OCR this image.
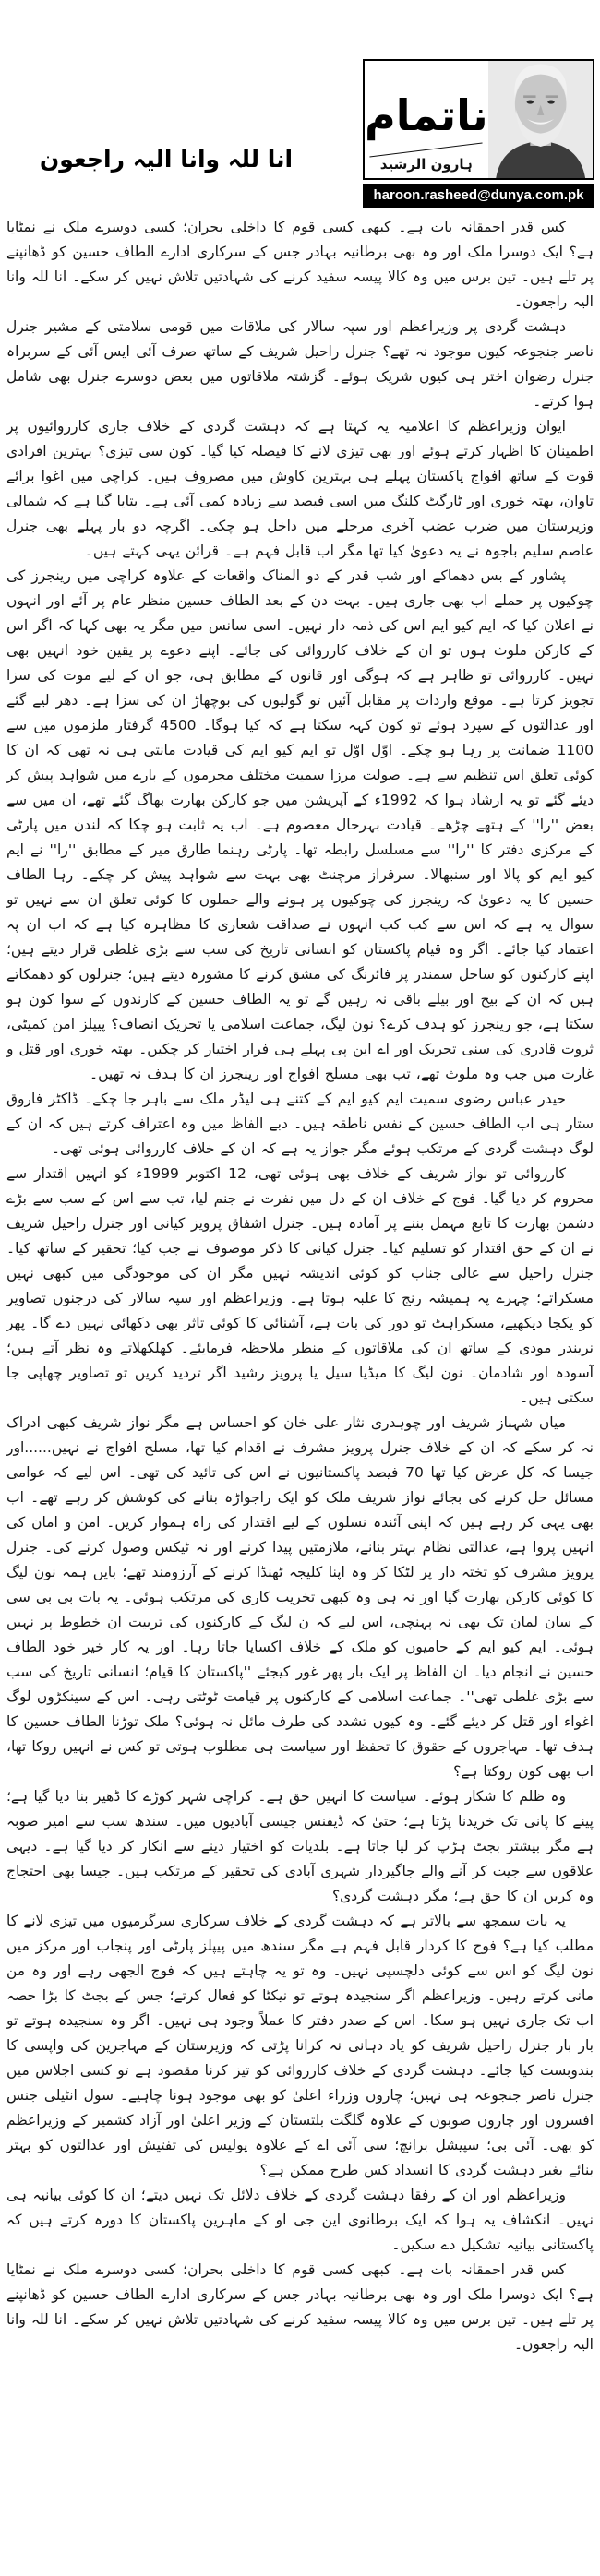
ناتمام
ہارون الرشید
haroon.rasheed@dunya.com.pk
انا للہ وانا الیہ راجعون

کس قدر احمقانہ بات ہے۔ کبھی کسی قوم کا داخلی بحران؛ کسی دوسرے ملک نے نمٹایا ہے؟ ایک دوسرا ملک اور وہ بھی برطانیہ بہادر جس کے سرکاری ادارے الطاف حسین کو ڈھانپنے پر تلے ہیں۔ تین برس میں وہ کالا پیسہ سفید کرنے کی شہادتیں تلاش نہیں کر سکے۔ انا للہ وانا الیہ راجعون۔

دہشت گردی پر وزیراعظم اور سپہ سالار کی ملاقات میں قومی سلامتی کے مشیر جنرل ناصر جنجوعہ کیوں موجود نہ تھے؟ جنرل راحیل شریف کے ساتھ صرف آئی ایس آئی کے سربراہ جنرل رضوان اختر ہی کیوں شریک ہوئے۔ گزشتہ ملاقاتوں میں بعض دوسرے جنرل بھی شامل ہوا کرتے۔

ایوان وزیراعظم کا اعلامیہ یہ کہتا ہے کہ دہشت گردی کے خلاف جاری کارروائیوں پر اطمینان کا اظہار کرتے ہوئے اور بھی تیزی لانے کا فیصلہ کیا گیا۔ کون سی تیزی؟ بہترین افرادی قوت کے ساتھ افواج پاکستان پہلے ہی بہترین کاوش میں مصروف ہیں۔ کراچی میں اغوا برائے تاوان، بھتہ خوری اور ٹارگٹ کلنگ میں اسی فیصد سے زیادہ کمی آئی ہے۔ بتایا گیا ہے کہ شمالی وزیرستان میں ضرب عضب آخری مرحلے میں داخل ہو چکی۔ اگرچہ دو بار پہلے بھی جنرل عاصم سلیم باجوہ نے یہ دعویٰ کیا تھا مگر اب قابل فہم ہے۔ قرائن یہی کہتے ہیں۔

پشاور کے بس دھماکے اور شب قدر کے دو المناک واقعات کے علاوہ کراچی میں رینجرز کی چوکیوں پر حملے اب بھی جاری ہیں۔ بہت دن کے بعد الطاف حسین منظر عام پر آئے اور انہوں نے اعلان کیا کہ ایم کیو ایم اس کی ذمہ دار نہیں۔ اسی سانس میں مگر یہ بھی کہا کہ اگر اس کے کارکن ملوث ہوں تو ان کے خلاف کارروائی کی جائے۔ اپنے دعوے پر یقین خود انہیں بھی نہیں۔ کارروائی تو ظاہر ہے کہ ہوگی اور قانون کے مطابق ہی، جو ان کے لیے موت کی سزا تجویز کرتا ہے۔ موقع واردات پر مقابل آئیں تو گولیوں کی بوچھاڑ ان کی سزا ہے۔ دھر لیے گئے اور عدالتوں کے سپرد ہوئے تو کون کہہ سکتا ہے کہ کیا ہوگا۔ 4500 گرفتار ملزموں میں سے 1100 ضمانت پر رہا ہو چکے۔ اوّل اوّل تو ایم کیو ایم کی قیادت مانتی ہی نہ تھی کہ ان کا کوئی تعلق اس تنظیم سے ہے۔ صولت مرزا سمیت مختلف مجرموں کے بارے میں شواہد پیش کر دیئے گئے تو یہ ارشاد ہوا کہ 1992ء کے آپریشن میں جو کارکن بھارت بھاگ گئے تھے، ان میں سے بعض ''را'' کے ہتھے چڑھے۔ قیادت بہرحال معصوم ہے۔ اب یہ ثابت ہو چکا کہ لندن میں پارٹی کے مرکزی دفتر کا ''را'' سے مسلسل رابطہ تھا۔ پارٹی رہنما طارق میر کے مطابق ''را'' نے ایم کیو ایم کو پالا اور سنبھالا۔ سرفراز مرچنٹ بھی بہت سے شواہد پیش کر چکے۔ رہا الطاف حسین کا یہ دعویٰ کہ رینجرز کی چوکیوں پر ہونے والے حملوں کا کوئی تعلق ان سے نہیں تو سوال یہ ہے کہ اس سے کب کب انہوں نے صداقت شعاری کا مظاہرہ کیا ہے کہ اب ان پہ اعتماد کیا جائے۔ اگر وہ قیام پاکستان کو انسانی تاریخ کی سب سے بڑی غلطی قرار دیتے ہیں؛ اپنے کارکنوں کو ساحل سمندر پر فائرنگ کی مشق کرنے کا مشورہ دیتے ہیں؛ جنرلوں کو دھمکاتے ہیں کہ ان کے بیج اور بیلے باقی نہ رہیں گے تو یہ الطاف حسین کے کارندوں کے سوا کون ہو سکتا ہے، جو رینجرز کو ہدف کرے؟ نون لیگ، جماعت اسلامی یا تحریک انصاف؟ پیپلز امن کمیٹی، ثروت قادری کی سنی تحریک اور اے این پی پہلے ہی فرار اختیار کر چکیں۔ بھتہ خوری اور قتل و غارت میں جب وہ ملوث تھے، تب بھی مسلح افواج اور رینجرز ان کا ہدف نہ تھیں۔

حیدر عباس رضوی سمیت ایم کیو ایم کے کتنے ہی لیڈر ملک سے باہر جا چکے۔ ڈاکٹر فاروق ستار ہی اب الطاف حسین کے نفس ناطقہ ہیں۔ دبے الفاظ میں وہ اعتراف کرتے ہیں کہ ان کے لوگ دہشت گردی کے مرتکب ہوئے مگر جواز یہ ہے کہ ان کے خلاف کارروائی ہوئی تھی۔

کارروائی تو نواز شریف کے خلاف بھی ہوئی تھی، 12 اکتوبر 1999ء کو انہیں اقتدار سے محروم کر دیا گیا۔ فوج کے خلاف ان کے دل میں نفرت نے جنم لیا، تب سے اس کے سب سے بڑے دشمن بھارت کا تابع مہمل بننے پر آمادہ ہیں۔ جنرل اشفاق پرویز کیانی اور جنرل راحیل شریف نے ان کے حق اقتدار کو تسلیم کیا۔ جنرل کیانی کا ذکر موصوف نے جب کیا؛ تحقیر کے ساتھ کیا۔ جنرل راحیل سے عالی جناب کو کوئی اندیشہ نہیں مگر ان کی موجودگی میں کبھی نہیں مسکراتے؛ چہرے پہ ہمیشہ رنج کا غلبہ ہوتا ہے۔ وزیراعظم اور سپہ سالار کی درجنوں تصاویر کو یکجا دیکھیے، مسکراہٹ تو دور کی بات ہے، آشنائی کا کوئی تاثر بھی دکھائی نہیں دے گا۔ پھر نریندر مودی کے ساتھ ان کی ملاقاتوں کے منظر ملاحظہ فرمایئے۔ کھلکھلاتے وہ نظر آتے ہیں؛ آسودہ اور شادمان۔ نون لیگ کا میڈیا سیل یا پرویز رشید اگر تردید کریں تو تصاویر چھاپی جا سکتی ہیں۔

میاں شہباز شریف اور چوہدری نثار علی خان کو احساس ہے مگر نواز شریف کبھی ادراک نہ کر سکے کہ ان کے خلاف جنرل پرویز مشرف نے اقدام کیا تھا، مسلح افواج نے نہیں......اور جیسا کہ کل عرض کیا تھا 70 فیصد پاکستانیوں نے اس کی تائید کی تھی۔ اس لیے کہ عوامی مسائل حل کرنے کی بجائے نواز شریف ملک کو ایک راجواڑہ بنانے کی کوشش کر رہے تھے۔ اب بھی یہی کر رہے ہیں کہ اپنی آئندہ نسلوں کے لیے اقتدار کی راہ ہموار کریں۔ امن و امان کی انہیں پروا ہے، عدالتی نظام بہتر بنانے، ملازمتیں پیدا کرنے اور نہ ٹیکس وصول کرنے کی۔ جنرل پرویز مشرف کو تختہ دار پر لٹکا کر وہ اپنا کلیجہ ٹھنڈا کرنے کے آرزومند تھے؛ بایں ہمہ نون لیگ کا کوئی کارکن بھارت گیا اور نہ ہی وہ کبھی تخریب کاری کی مرتکب ہوئی۔ یہ بات بی بی سی کے سان لمان تک بھی نہ پہنچی، اس لیے کہ ن لیگ کے کارکنوں کی تربیت ان خطوط پر نہیں ہوئی۔ ایم کیو ایم کے حامیوں کو ملک کے خلاف اکسایا جاتا رہا۔ اور یہ کار خیر خود الطاف حسین نے انجام دیا۔ ان الفاظ پر ایک بار پھر غور کیجئے ''پاکستان کا قیام؛ انسانی تاریخ کی سب سے بڑی غلطی تھی''۔ جماعت اسلامی کے کارکنوں پر قیامت ٹوٹتی رہی۔ اس کے سینکڑوں لوگ اغواء اور قتل کر دیئے گئے۔ وہ کیوں تشدد کی طرف مائل نہ ہوئی؟ ملک توڑنا الطاف حسین کا ہدف تھا۔ مہاجروں کے حقوق کا تحفظ اور سیاست ہی مطلوب ہوتی تو کس نے انہیں روکا تھا، اب بھی کون روکتا ہے؟

وہ ظلم کا شکار ہوئے۔ سیاست کا انہیں حق ہے۔ کراچی شہر کوڑے کا ڈھیر بنا دیا گیا ہے؛ پینے کا پانی تک خریدنا پڑتا ہے؛ حتیٰ کہ ڈیفنس جیسی آبادیوں میں۔ سندھ سب سے امیر صوبہ ہے مگر بیشتر بجٹ ہڑپ کر لیا جاتا ہے۔ بلدیات کو اختیار دینے سے انکار کر دیا گیا ہے۔ دیہی علاقوں سے جیت کر آنے والے جاگیردار شہری آبادی کی تحقیر کے مرتکب ہیں۔ جیسا بھی احتجاج وہ کریں ان کا حق ہے؛ مگر دہشت گردی؟

یہ بات سمجھ سے بالاتر ہے کہ دہشت گردی کے خلاف سرکاری سرگرمیوں میں تیزی لانے کا مطلب کیا ہے؟ فوج کا کردار قابل فہم ہے مگر سندھ میں پیپلز پارٹی اور پنجاب اور مرکز میں نون لیگ کو اس سے کوئی دلچسپی نہیں۔ وہ تو یہ چاہتے ہیں کہ فوج الجھی رہے اور وہ من مانی کرتے رہیں۔ وزیراعظم اگر سنجیدہ ہوتے تو نیکٹا کو فعال کرتے؛ جس کے بجٹ کا بڑا حصہ اب تک جاری نہیں ہو سکا۔ اس کے صدر دفتر کا عملاً وجود ہی نہیں۔ اگر وہ سنجیدہ ہوتے تو بار بار جنرل راحیل شریف کو یاد دہانی نہ کرانا پڑتی کہ وزیرستان کے مہاجرین کی واپسی کا بندوبست کیا جائے۔ دہشت گردی کے خلاف کارروائی کو تیز کرنا مقصود ہے تو کسی اجلاس میں جنرل ناصر جنجوعہ ہی نہیں؛ چاروں وزراء اعلیٰ کو بھی موجود ہونا چاہیے۔ سول انٹیلی جنس افسروں اور چاروں صوبوں کے علاوہ گلگت بلتستان کے وزیر اعلیٰ اور آزاد کشمیر کے وزیراعظم کو بھی۔ آئی بی؛ سپیشل برانچ؛ سی آئی اے کے علاوہ پولیس کی تفتیش اور عدالتوں کو بہتر بنائے بغیر دہشت گردی کا انسداد کس طرح ممکن ہے؟

وزیراعظم اور ان کے رفقا دہشت گردی کے خلاف دلائل تک نہیں دیتے؛ ان کا کوئی بیانیہ ہی نہیں۔ انکشاف یہ ہوا کہ ایک برطانوی این جی او کے ماہرین پاکستان کا دورہ کرتے ہیں کہ پاکستانی بیانیہ تشکیل دے سکیں۔

کس قدر احمقانہ بات ہے۔ کبھی کسی قوم کا داخلی بحران؛ کسی دوسرے ملک نے نمٹایا ہے؟ ایک دوسرا ملک اور وہ بھی برطانیہ بہادر جس کے سرکاری ادارے الطاف حسین کو ڈھانپنے پر تلے ہیں۔ تین برس میں وہ کالا پیسہ سفید کرنے کی شہادتیں تلاش نہیں کر سکے۔ انا للہ وانا الیہ راجعون۔
